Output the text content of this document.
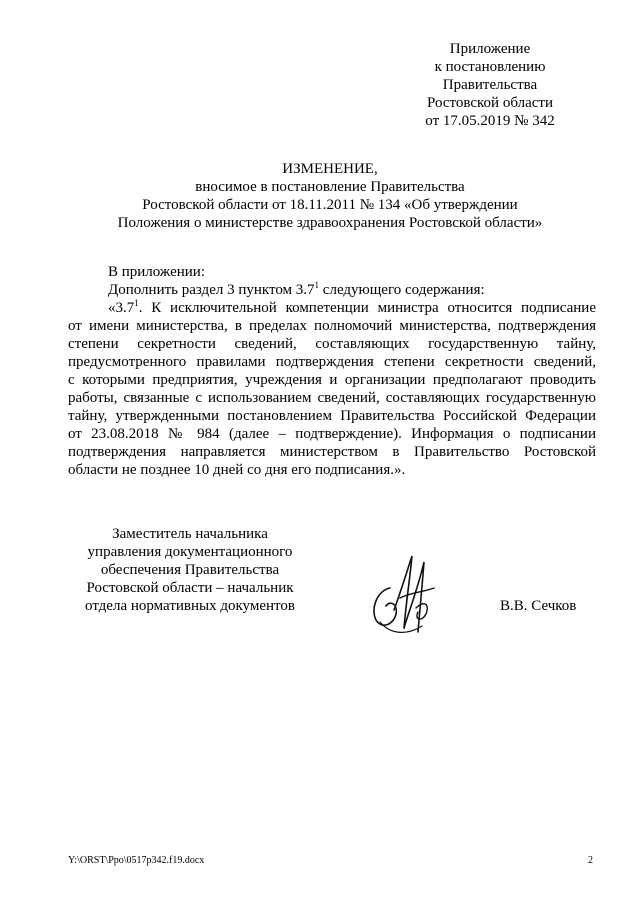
Приложение
к постановлению
Правительства
Ростовской области
от 17.05.2019 № 342
ИЗМЕНЕНИЕ,
вносимое в постановление Правительства
Ростовской области от 18.11.2011 № 134 «Об утверждении
Положения о министерстве здравоохранения Ростовской области»
В приложении:
Дополнить раздел 3 пунктом $3.7^1$ следующего содержания:
«$3.7^1$. К исключительной компетенции министра относится подписание
от имени министерства, в пределах полномочий министерства, подтверждения
степени секретности сведений, составляющих государственную тайну,
предусмотренного правилами подтверждения степени секретности сведений,
с которыми предприятия, учреждения и организации предполагают проводить
работы, связанные с использованием сведений, составляющих государственную
тайну, утвержденными постановлением Правительства Российской Федерации
от 23.08.2018 № 984 (далее – подтверждение). Информация о подписании
подтверждения направляется министерством в Правительство Ростовской
области не позднее 10 дней со дня его подписания.».
Заместитель начальника
управления документационного
обеспечения Правительства
Ростовской области – начальник
отдела нормативных документов	В.В. Сечков
Y:\ORST\Ppo\0517p342.f19.docx	2
